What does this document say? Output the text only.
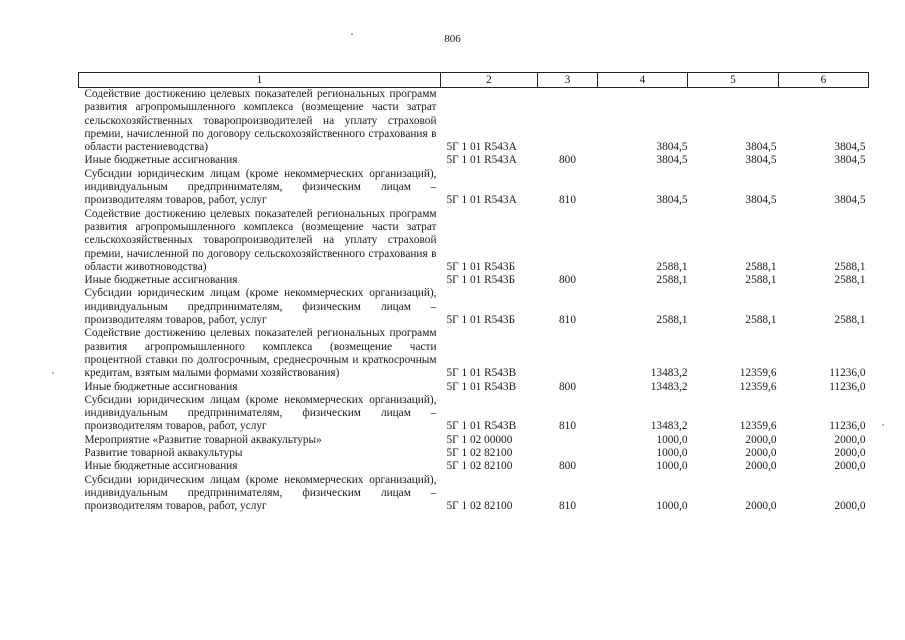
806
1	2	3	4	5	6
Содействие достижению целевых показателей региональных программ развития агропромышленного комплекса (возмещение части затрат сельскохозяйственных товаропроизводителей на уплату страховой премии, начисленной по договору сельскохозяйственного страхования в области растениеводства)	5Г 1 01 R543А		3804,5	3804,5	3804,5
Иные бюджетные ассигнования	5Г 1 01 R543А	800	3804,5	3804,5	3804,5
Субсидии юридическим лицам (кроме некоммерческих организаций), индивидуальным предпринимателям, физическим лицам – производителям товаров, работ, услуг	5Г 1 01 R543А	810	3804,5	3804,5	3804,5
Содействие достижению целевых показателей региональных программ развития агропромышленного комплекса (возмещение части затрат сельскохозяйственных товаропроизводителей на уплату страховой премии, начисленной по договору сельскохозяйственного страхования в области животноводства)	5Г 1 01 R543Б		2588,1	2588,1	2588,1
Иные бюджетные ассигнования	5Г 1 01 R543Б	800	2588,1	2588,1	2588,1
Субсидии юридическим лицам (кроме некоммерческих организаций), индивидуальным предпринимателям, физическим лицам – производителям товаров, работ, услуг	5Г 1 01 R543Б	810	2588,1	2588,1	2588,1
Содействие достижению целевых показателей региональных программ развития агропромышленного комплекса (возмещение части процентной ставки по долгосрочным, среднесрочным и краткосрочным кредитам, взятым малыми формами хозяйствования)	5Г 1 01 R543В		13483,2	12359,6	11236,0
Иные бюджетные ассигнования	5Г 1 01 R543В	800	13483,2	12359,6	11236,0
Субсидии юридическим лицам (кроме некоммерческих организаций), индивидуальным предпринимателям, физическим лицам – производителям товаров, работ, услуг	5Г 1 01 R543В	810	13483,2	12359,6	11236,0
Мероприятие «Развитие товарной аквакультуры»	5Г 1 02 00000		1000,0	2000,0	2000,0
Развитие товарной аквакультуры	5Г 1 02 82100		1000,0	2000,0	2000,0
Иные бюджетные ассигнования	5Г 1 02 82100	800	1000,0	2000,0	2000,0
Субсидии юридическим лицам (кроме некоммерческих организаций), индивидуальным предпринимателям, физическим лицам – производителям товаров, работ, услуг	5Г 1 02 82100	810	1000,0	2000,0	2000,0
